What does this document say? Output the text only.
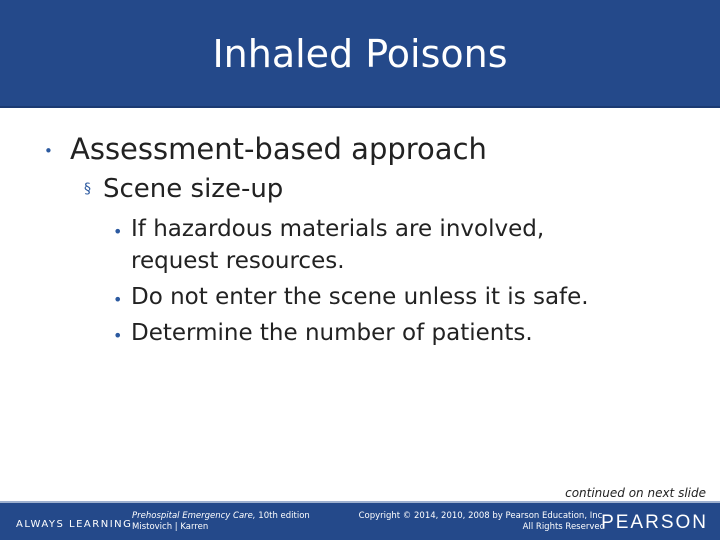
Inhaled Poisons
• Assessment-based approach
§ Scene size-up
• If hazardous materials are involved,
request resources.
• Do not enter the scene unless it is safe.
• Determine the number of patients.
continued on next slide
ALWAYS LEARNING
Prehospital Emergency Care, 10th edition
Mistovich | Karren
Copyright © 2014, 2010, 2008 by Pearson Education, Inc.
All Rights Reserved
PEARSON
